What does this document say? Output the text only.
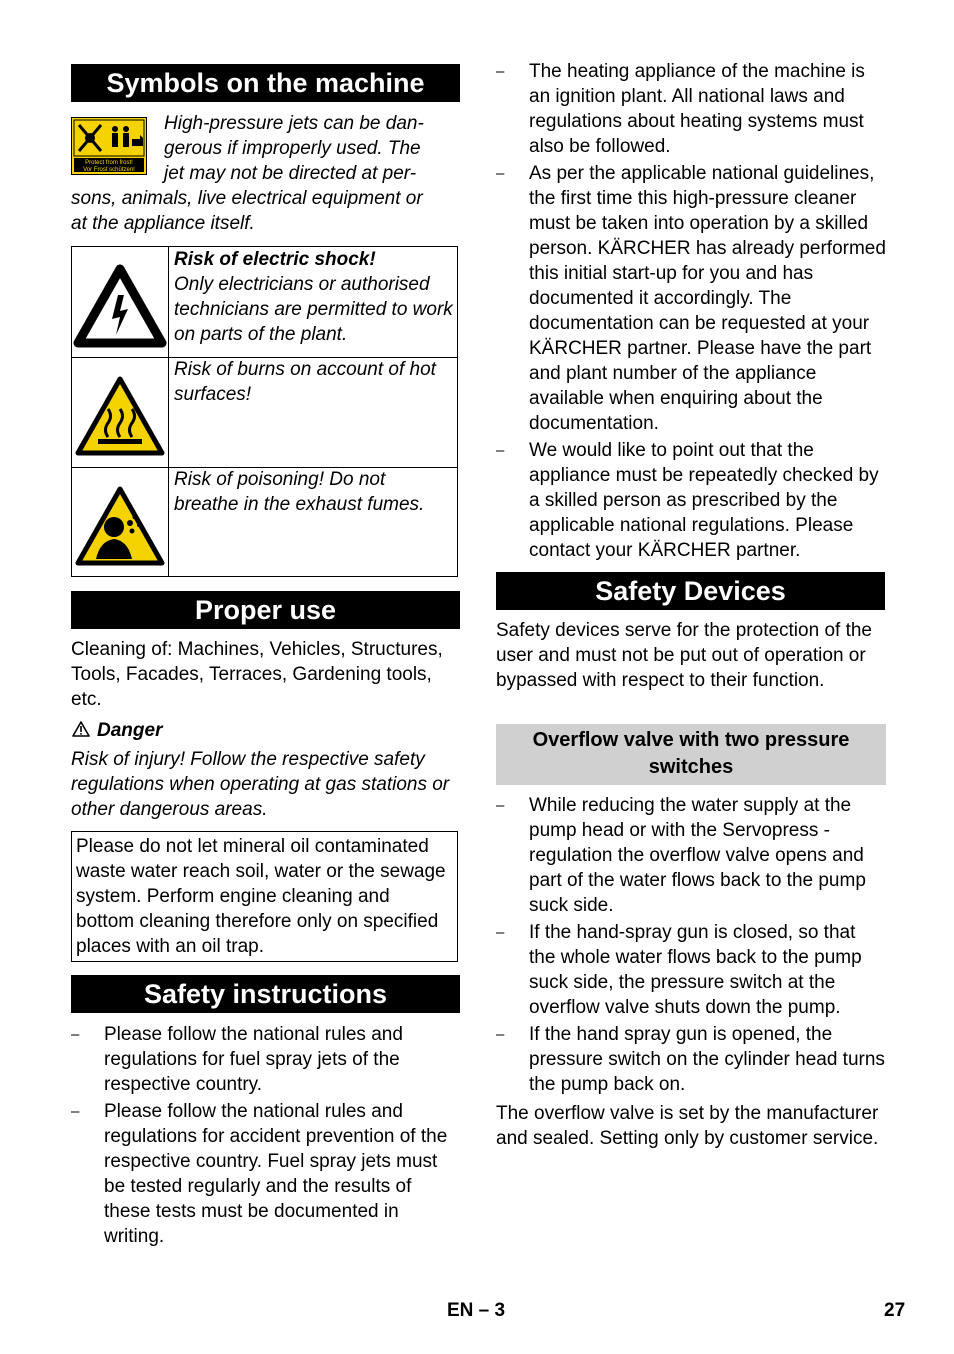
Symbols on the machine
Protect from frost!
Vor Frost schützen!
High-pressure jets can be dan-
gerous if improperly used. The
jet may not be directed at per-
sons, animals, live electrical equipment or
at the appliance itself.
Risk of electric shock!
Only electricians or authorised technicians are permitted to work on parts of the plant.
Risk of burns on account of hot surfaces!
Risk of poisoning! Do not breathe in the exhaust fumes.
Proper use
Cleaning of: Machines, Vehicles, Structures, Tools, Facades, Terraces, Gardening tools, etc.
Danger
Risk of injury! Follow the respective safety regulations when operating at gas stations or other dangerous areas.
Please do not let mineral oil contaminated waste water reach soil, water or the sewage system. Perform engine cleaning and bottom cleaning therefore only on specified places with an oil trap.
Safety instructions
–	Please follow the national rules and regulations for fuel spray jets of the respective country.
–	Please follow the national rules and regulations for accident prevention of the respective country. Fuel spray jets must be tested regularly and the results of these tests must be documented in writing.
–	The heating appliance of the machine is an ignition plant. All national laws and regulations about heating systems must also be followed.
–	As per the applicable national guidelines, the first time this high-pressure cleaner must be taken into operation by a skilled person. KÄRCHER has already performed this initial start-up for you and has documented it accordingly. The documentation can be requested at your KÄRCHER partner. Please have the part and plant number of the appliance available when enquiring about the documentation.
–	We would like to point out that the appliance must be repeatedly checked by a skilled person as prescribed by the applicable national regulations. Please contact your KÄRCHER partner.
Safety Devices
Safety devices serve for the protection of the user and must not be put out of operation or bypassed with respect to their function.
Overflow valve with two pressure switches
–	While reducing the water supply at the pump head or with the Servopress - regulation the overflow valve opens and part of the water flows back to the pump suck side.
–	If the hand-spray gun is closed, so that the whole water flows back to the pump suck side, the pressure switch at the overflow valve shuts down the pump.
–	If the hand spray gun is opened, the pressure switch on the cylinder head turns the pump back on.
The overflow valve is set by the manufacturer and sealed. Setting only by customer service.
EN – 3	27
